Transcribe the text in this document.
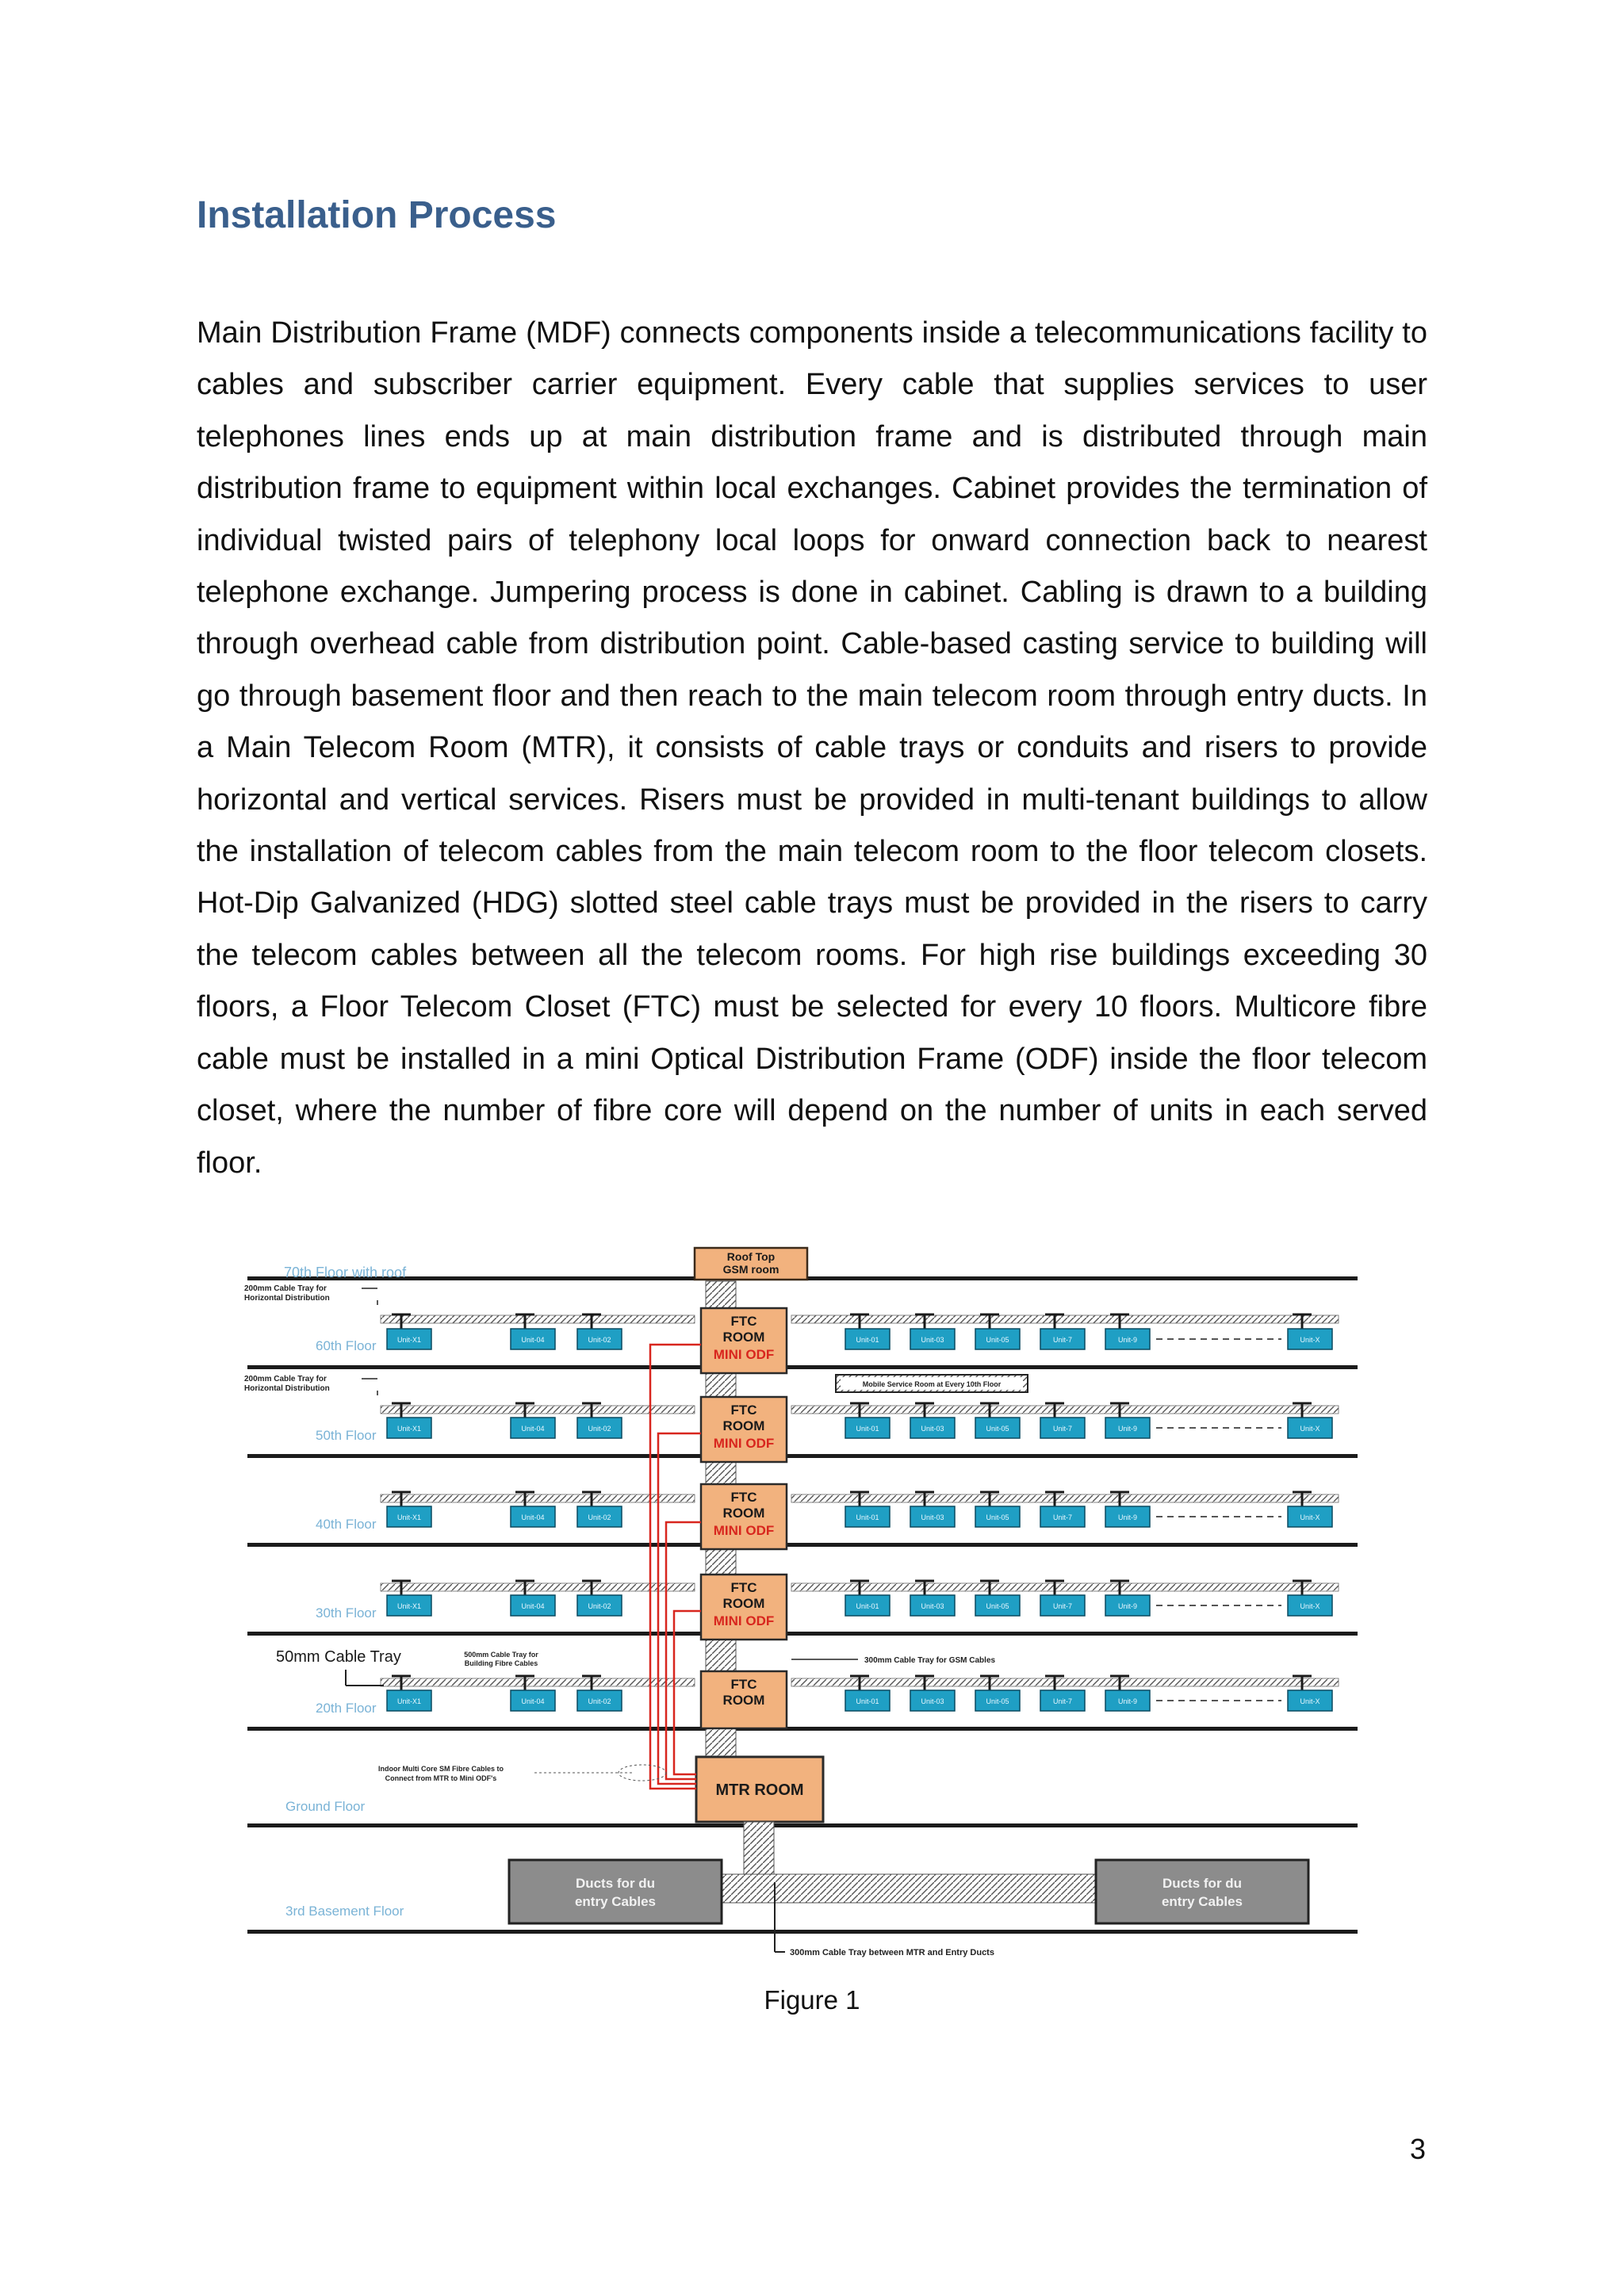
Installation Process

Main Distribution Frame (MDF) connects components inside a telecommunications facility to cables and subscriber carrier equipment. Every cable that supplies services to user telephones lines ends up at main distribution frame and is distributed through main distribution frame to equipment within local exchanges. Cabinet provides the termination of individual twisted pairs of telephony local loops for onward connection back to nearest telephone exchange. Jumpering process is done in cabinet. Cabling is drawn to a building through overhead cable from distribution point. Cable-based casting service to building will go through basement floor and then reach to the main telecom room through entry ducts. In a Main Telecom Room (MTR), it consists of cable trays or conduits and risers to provide horizontal and vertical services. Risers must be provided in multi-tenant buildings to allow the installation of telecom cables from the main telecom room to the floor telecom closets. Hot-Dip Galvanized (HDG) slotted steel cable trays must be provided in the risers to carry the telecom cables between all the telecom rooms. For high rise buildings exceeding 30 floors, a Floor Telecom Closet (FTC) must be selected for every 10 floors. Multicore fibre cable must be installed in a mini Optical Distribution Frame (ODF) inside the floor telecom closet, where the number of fibre core will depend on the number of units in each served floor.

70th Floor with roof
60th Floor
50th Floor
40th Floor
30th Floor
20th Floor
Ground Floor
3rd Basement Floor
Roof Top
GSM room
FTC
ROOM
MINI ODF
FTC
ROOM
MINI ODF
FTC
ROOM
MINI ODF
FTC
ROOM
MINI ODF
FTC
ROOM
MTR ROOM
Unit-X1	Unit-04	Unit-02	Unit-01	Unit-03	Unit-05	Unit-7	Unit-9	Unit-X
Unit-X1	Unit-04	Unit-02	Unit-01	Unit-03	Unit-05	Unit-7	Unit-9	Unit-X
Unit-X1	Unit-04	Unit-02	Unit-01	Unit-03	Unit-05	Unit-7	Unit-9	Unit-X
Unit-X1	Unit-04	Unit-02	Unit-01	Unit-03	Unit-05	Unit-7	Unit-9	Unit-X
Unit-X1	Unit-04	Unit-02	Unit-01	Unit-03	Unit-05	Unit-7	Unit-9	Unit-X
200mm Cable Tray for
Horizontal Distribution
200mm Cable Tray for
Horizontal Distribution	Mobile Service Room at Every 10th Floor
50mm Cable Tray	500mm Cable Tray for
Building Fibre Cables	300mm Cable Tray for GSM Cables
Indoor Multi Core SM Fibre Cables to
Connect from MTR to Mini ODF's
Ducts for du
entry Cables
Ducts for du
entry Cables
300mm Cable Tray between MTR and Entry Ducts
Figure 1
3
